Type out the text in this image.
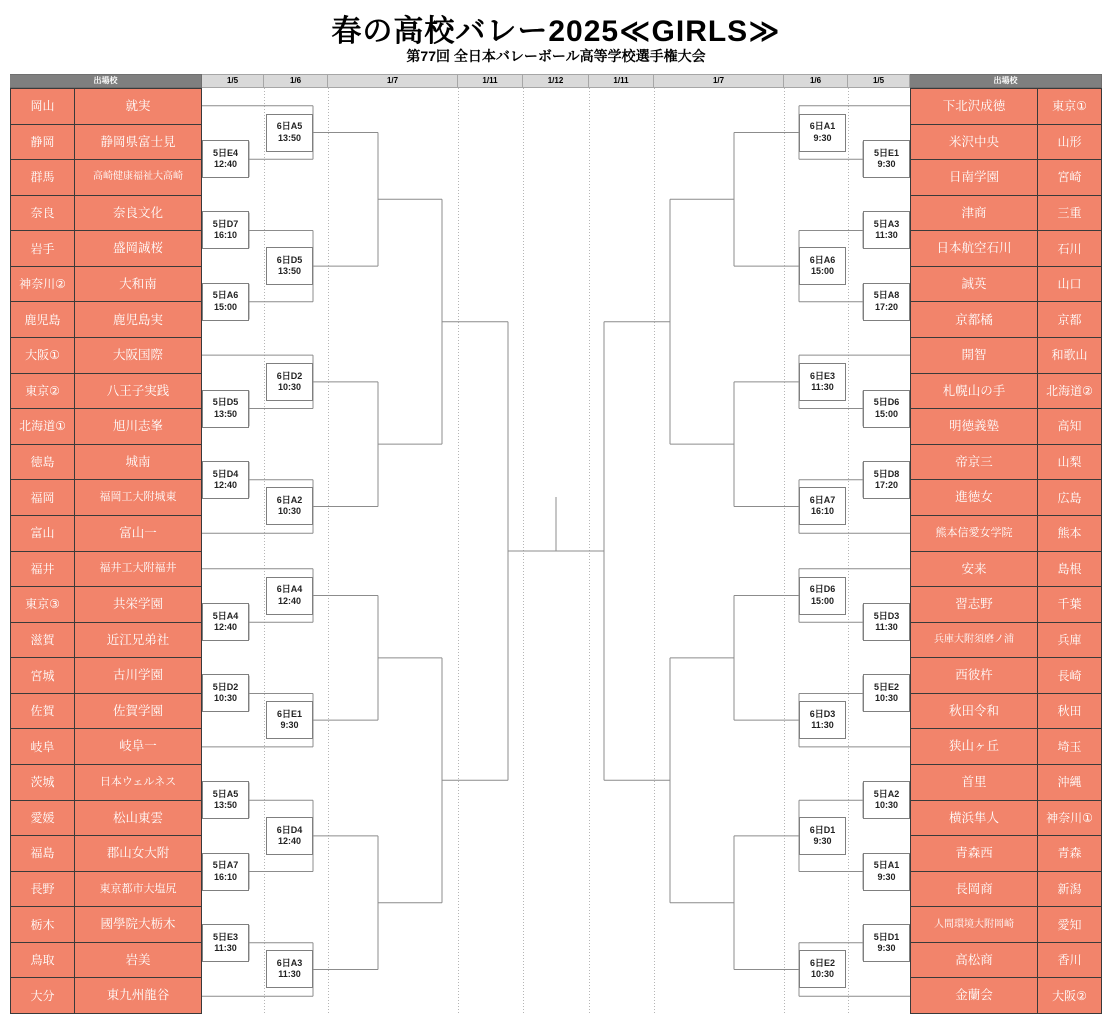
春の高校バレー2025≪GIRLS≫
第77回 全日本バレーボール高等学校選手権大会
出場校	1/5	1/6	1/7	1/11	1/12	1/11	1/7	1/6	1/5	出場校
岡山	就実
静岡	静岡県富士見
群馬	高崎健康福祉大高崎
奈良	奈良文化
岩手	盛岡誠桜
神奈川②	大和南
鹿児島	鹿児島実
大阪①	大阪国際
東京②	八王子実践
北海道①	旭川志峯
徳島	城南
福岡	福岡工大附城東
富山	富山一
福井	福井工大附福井
東京③	共栄学園
滋賀	近江兄弟社
宮城	古川学園
佐賀	佐賀学園
岐阜	岐阜一
茨城	日本ウェルネス
愛媛	松山東雲
福島	郡山女大附
長野	東京都市大塩尻
栃木	國學院大栃木
鳥取	岩美
大分	東九州龍谷
下北沢成徳	東京①
米沢中央	山形
日南学園	宮崎
津商	三重
日本航空石川	石川
誠英	山口
京都橘	京都
開智	和歌山
札幌山の手	北海道②
明徳義塾	高知
帝京三	山梨
進徳女	広島
熊本信愛女学院	熊本
安来	島根
習志野	千葉
兵庫大附須磨ノ浦	兵庫
西彼杵	長崎
秋田令和	秋田
狭山ヶ丘	埼玉
首里	沖縄
横浜隼人	神奈川①
青森西	青森
長岡商	新潟
人間環境大附岡崎	愛知
高松商	香川
金蘭会	大阪②
5日E4
12:40
5日D7
16:10
5日A6
15:00
5日D5
13:50
5日D4
12:40
5日A4
12:40
5日D2
10:30
5日A5
13:50
5日A7
16:10
5日E3
11:30
6日A5
13:50
6日D5
13:50
6日D2
10:30
6日A2
10:30
6日A4
12:40
6日E1
9:30
6日D4
12:40
6日A3
11:30
5日E1
9:30
5日A3
11:30
5日A8
17:20
5日D6
15:00
5日D8
17:20
5日D3
11:30
5日E2
10:30
5日A2
10:30
5日A1
9:30
5日D1
9:30
6日A1
9:30
6日A6
15:00
6日E3
11:30
6日A7
16:10
6日D6
15:00
6日D3
11:30
6日D1
9:30
6日E2
10:30
